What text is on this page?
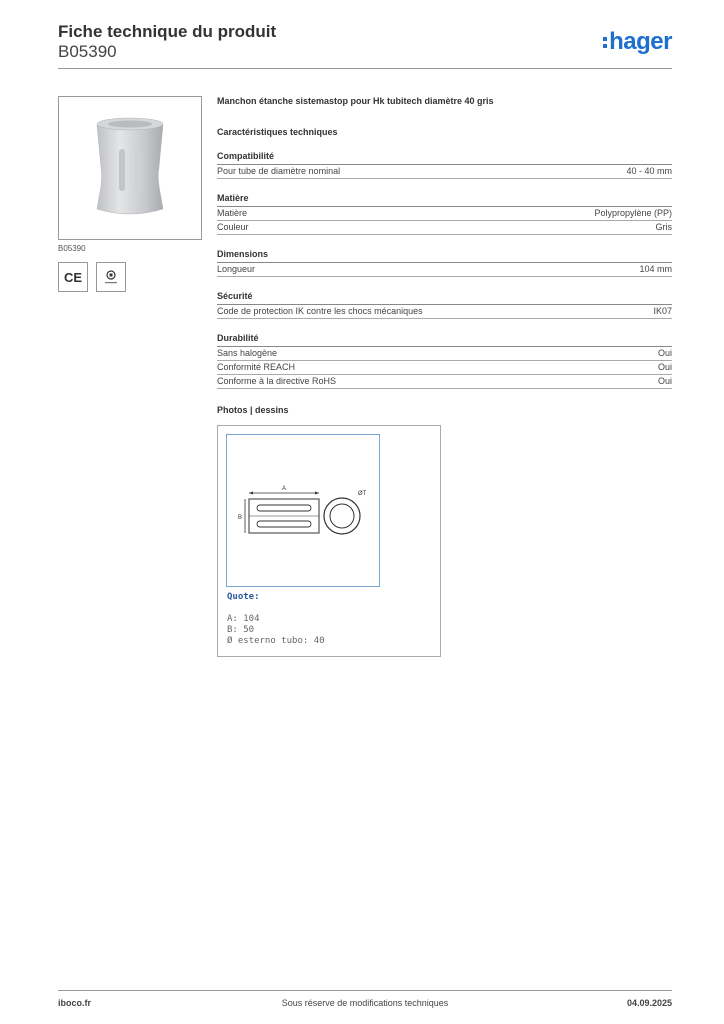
Fiche technique du produit
B05390	hager
B05390
CE
Manchon étanche sistemastop pour Hk tubitech diamètre 40 gris
Caractéristiques techniques
Compatibilité
Pour tube de diamètre nominal	40 - 40 mm
Matière
Matière	Polypropylène (PP)
Couleur	Gris
Dimensions
Longueur	104 mm
Sécurité
Code de protection IK contre les chocs mécaniques	IK07
Durabilité
Sans halogène	Oui
Conformité REACH	Oui
Conforme à la directive RoHS	Oui
Photos | dessins
A
B
ØT
Quote:
A: 104
B: 50
Ø esterno tubo: 40
iboco.fr	Sous réserve de modifications techniques	04.09.2025
